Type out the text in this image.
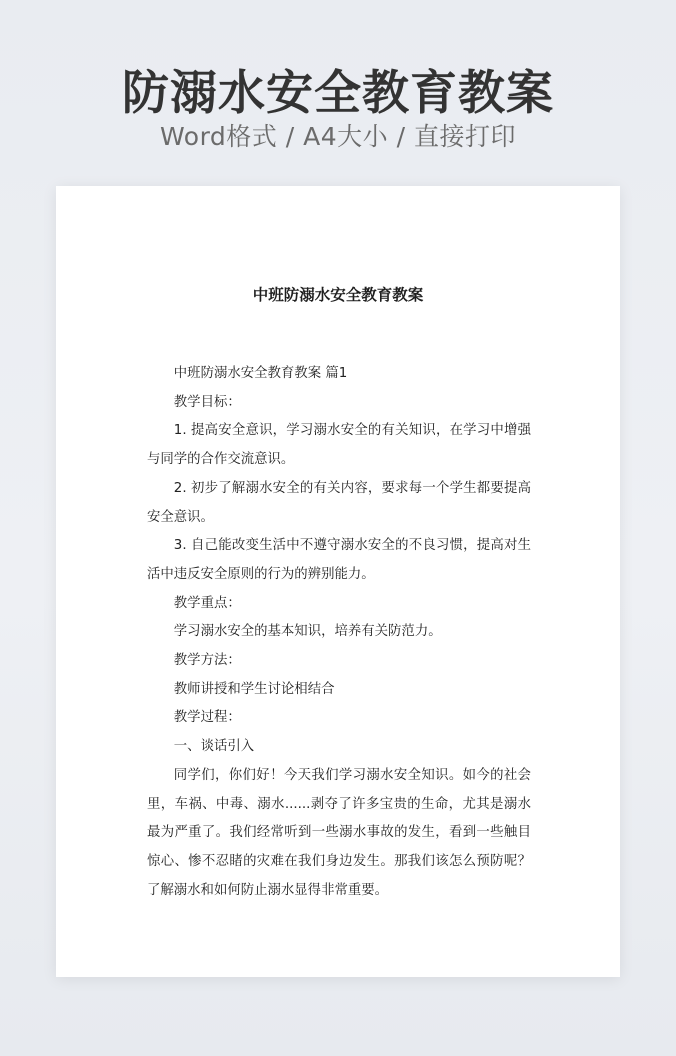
防溺水安全教育教案
Word格式 / A4大小 / 直接打印
中班防溺水安全教育教案

中班防溺水安全教育教案 篇1

教学目标：

1. 提高安全意识，学习溺水安全的有关知识，在学习中增强与同学的合作交流意识。

2. 初步了解溺水安全的有关内容，要求每一个学生都要提高安全意识。

3. 自己能改变生活中不遵守溺水安全的不良习惯，提高对生活中违反安全原则的行为的辨别能力。

教学重点：

学习溺水安全的基本知识，培养有关防范力。

教学方法：

教师讲授和学生讨论相结合

教学过程：

一、谈话引入

同学们，你们好！今天我们学习溺水安全知识。如今的社会里，车祸、中毒、溺水......剥夺了许多宝贵的生命，尤其是溺水最为严重了。我们经常听到一些溺水事故的发生，看到一些触目惊心、惨不忍睹的灾难在我们身边发生。那我们该怎么预防呢？了解溺水和如何防止溺水显得非常重要。
